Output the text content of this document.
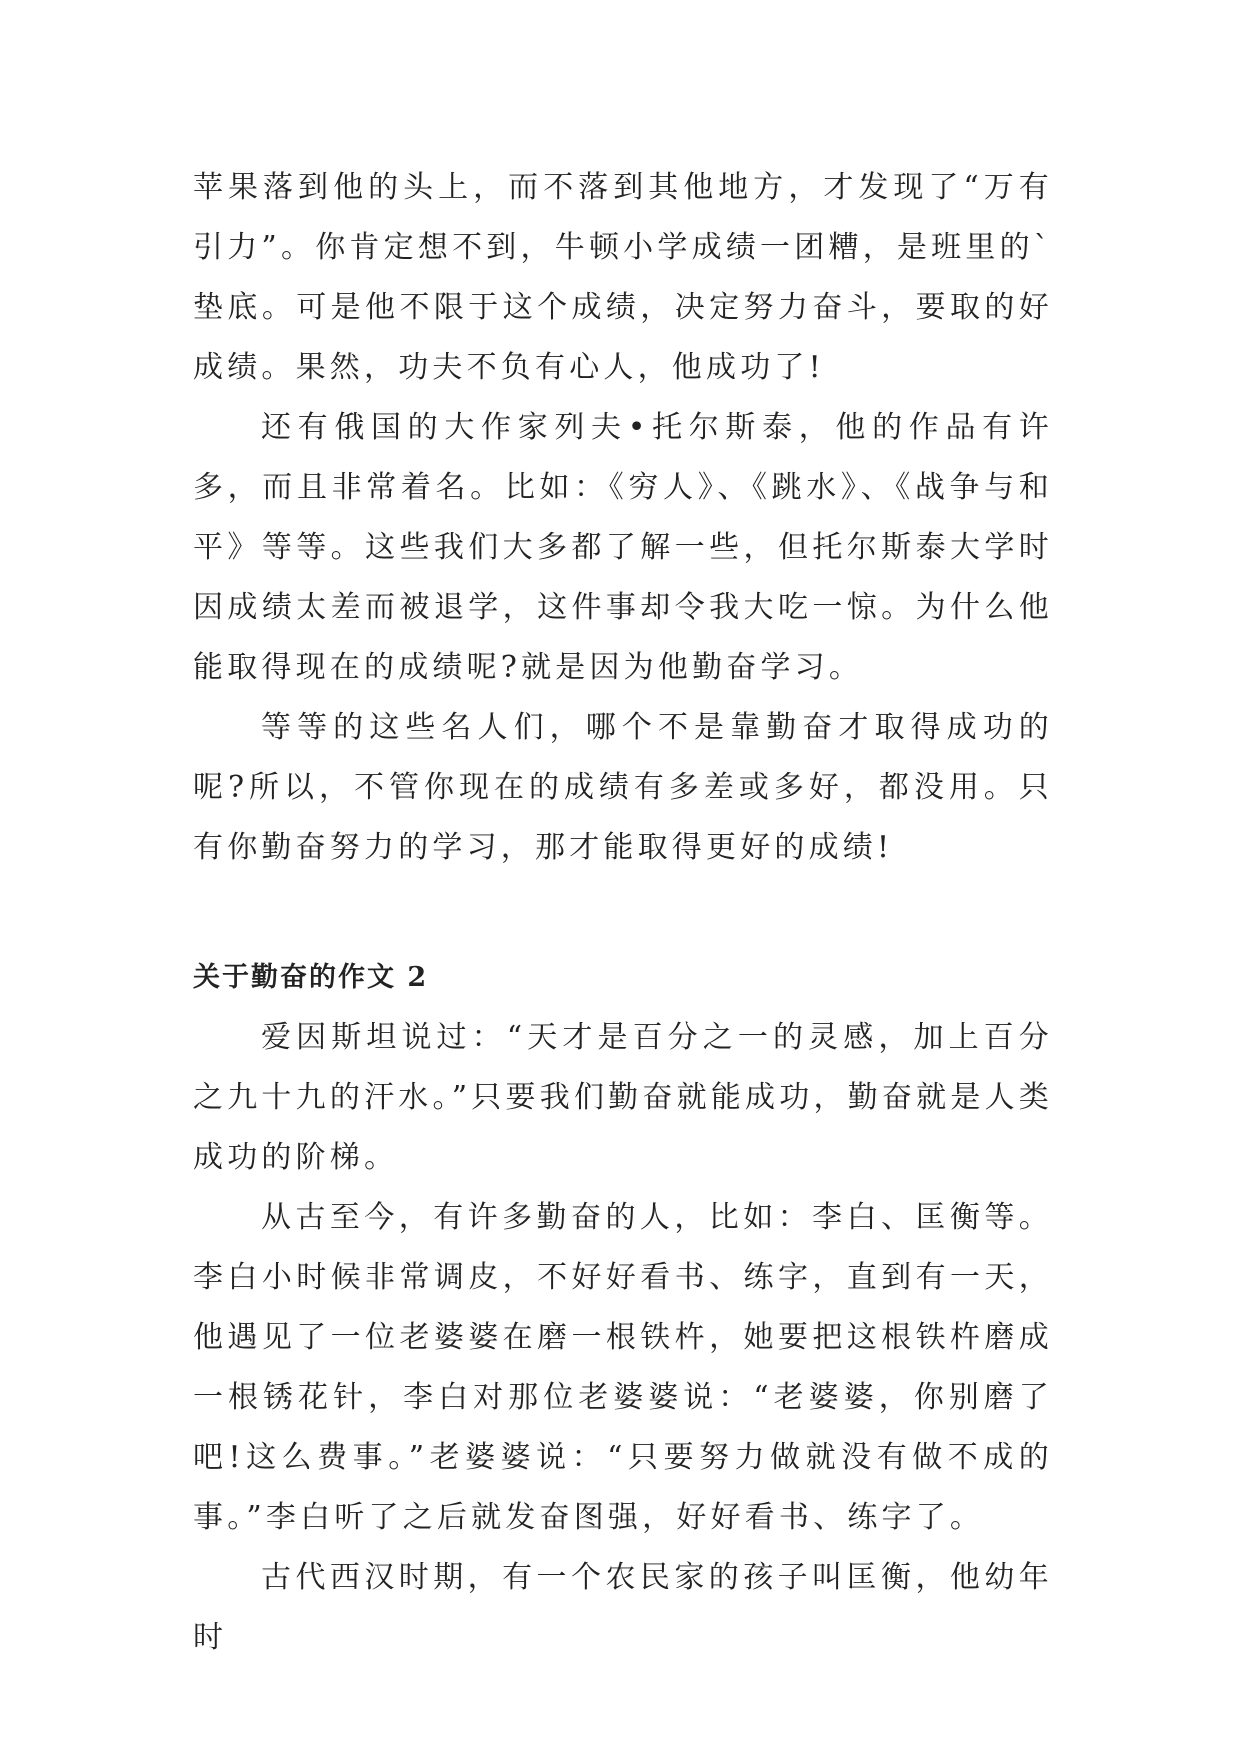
苹果落到他的头上，而不落到其他地方，才发现了“万有引力”。你肯定想不到，牛顿小学成绩一团糟，是班里的`垫底。可是他不限于这个成绩，决定努力奋斗，要取的好成绩。果然，功夫不负有心人，他成功了!

还有俄国的大作家列夫•托尔斯泰，他的作品有许多，而且非常着名。比如：《穷人》、《跳水》、《战争与和平》等等。这些我们大多都了解一些，但托尔斯泰大学时因成绩太差而被退学，这件事却令我大吃一惊。为什么他能取得现在的成绩呢?就是因为他勤奋学习。

等等的这些名人们，哪个不是靠勤奋才取得成功的呢?所以，不管你现在的成绩有多差或多好，都没用。只有你勤奋努力的学习，那才能取得更好的成绩!

关于勤奋的作文 2

爱因斯坦说过：“天才是百分之一的灵感，加上百分之九十九的汗水。”只要我们勤奋就能成功，勤奋就是人类成功的阶梯。

从古至今，有许多勤奋的人，比如：李白、匡衡等。李白小时候非常调皮，不好好看书、练字，直到有一天，他遇见了一位老婆婆在磨一根铁杵，她要把这根铁杵磨成一根锈花针，李白对那位老婆婆说：“老婆婆，你别磨了吧!这么费事。”老婆婆说：“只要努力做就没有做不成的事。”李白听了之后就发奋图强，好好看书、练字了。

古代西汉时期，有一个农民家的孩子叫匡衡，他幼年时
